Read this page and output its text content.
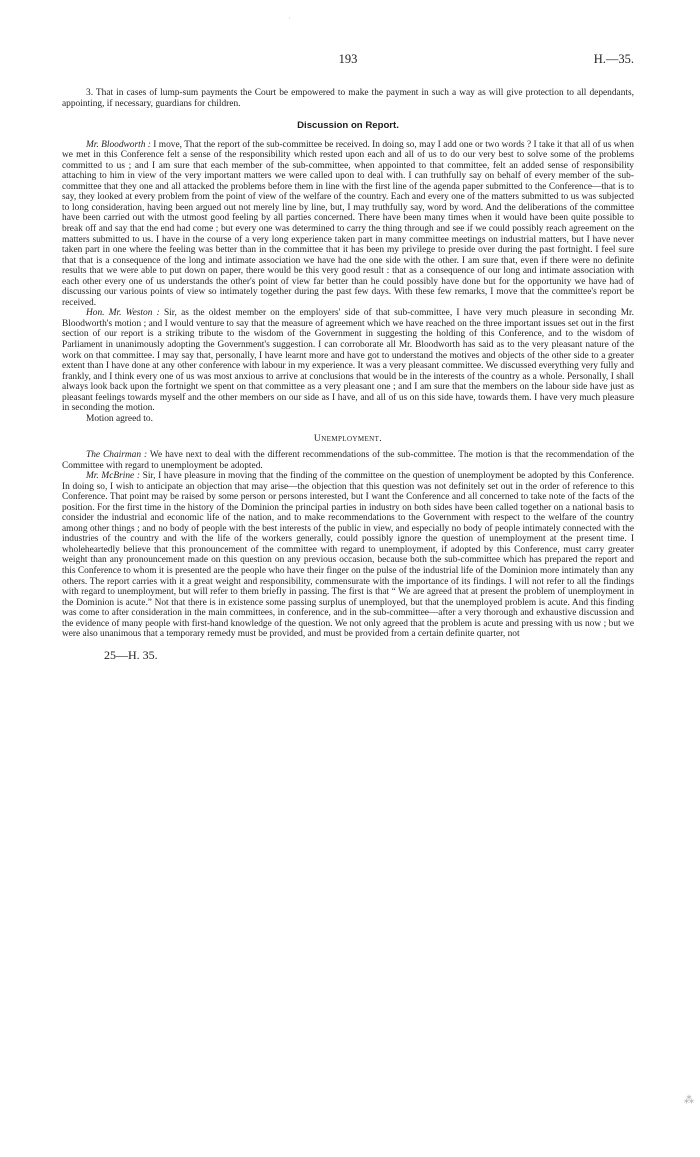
·
193	H.—35.

3. That in cases of lump-sum payments the Court be empowered to make the payment in such a way as will give protection to all dependants, appointing, if necessary, guardians for children.

Discussion on Report.

Mr. Bloodworth : I move, That the report of the sub-committee be received. In doing so, may I add one or two words ? I take it that all of us when we met in this Conference felt a sense of the responsibility which rested upon each and all of us to do our very best to solve some of the problems committed to us ; and I am sure that each member of the sub-committee, when appointed to that committee, felt an added sense of responsibility attaching to him in view of the very important matters we were called upon to deal with. I can truthfully say on behalf of every member of the sub-committee that they one and all attacked the problems before them in line with the first line of the agenda paper submitted to the Conference—that is to say, they looked at every problem from the point of view of the welfare of the country. Each and every one of the matters submitted to us was subjected to long consideration, having been argued out not merely line by line, but, I may truthfully say, word by word. And the deliberations of the committee have been carried out with the utmost good feeling by all parties concerned. There have been many times when it would have been quite possible to break off and say that the end had come ; but every one was determined to carry the thing through and see if we could possibly reach agreement on the matters submitted to us. I have in the course of a very long experience taken part in many committee meetings on industrial matters, but I have never taken part in one where the feeling was better than in the committee that it has been my privilege to preside over during the past fortnight. I feel sure that that is a consequence of the long and intimate association we have had the one side with the other. I am sure that, even if there were no definite results that we were able to put down on paper, there would be this very good result : that as a consequence of our long and intimate association with each other every one of us understands the other's point of view far better than he could possibly have done but for the opportunity we have had of discussing our various points of view so intimately together during the past few days. With these few remarks, I move that the committee's report be received.

Hon. Mr. Weston : Sir, as the oldest member on the employers' side of that sub-committee, I have very much pleasure in seconding Mr. Bloodworth's motion ; and I would venture to say that the measure of agreement which we have reached on the three important issues set out in the first section of our report is a striking tribute to the wisdom of the Government in suggesting the holding of this Conference, and to the wisdom of Parliament in unanimously adopting the Government's suggestion. I can corroborate all Mr. Bloodworth has said as to the very pleasant nature of the work on that committee. I may say that, personally, I have learnt more and have got to understand the motives and objects of the other side to a greater extent than I have done at any other conference with labour in my experience. It was a very pleasant committee. We discussed everything very fully and frankly, and I think every one of us was most anxious to arrive at conclusions that would be in the interests of the country as a whole. Personally, I shall always look back upon the fortnight we spent on that committee as a very pleasant one ; and I am sure that the members on the labour side have just as pleasant feelings towards myself and the other members on our side as I have, and all of us on this side have, towards them. I have very much pleasure in seconding the motion.

Motion agreed to.

Unemployment.

The Chairman : We have next to deal with the different recommendations of the sub-committee. The motion is that the recommendation of the Committee with regard to unemployment be adopted.

Mr. McBrine : Sir, I have pleasure in moving that the finding of the committee on the question of unemployment be adopted by this Conference. In doing so, I wish to anticipate an objection that may arise—the objection that this question was not definitely set out in the order of reference to this Conference. That point may be raised by some person or persons interested, but I want the Conference and all concerned to take note of the facts of the position. For the first time in the history of the Dominion the principal parties in industry on both sides have been called together on a national basis to consider the industrial and economic life of the nation, and to make recommendations to the Government with respect to the welfare of the country among other things ; and no body of people with the best interests of the public in view, and especially no body of people intimately connected with the industries of the country and with the life of the workers generally, could possibly ignore the question of unemployment at the present time. I wholeheartedly believe that this pronouncement of the committee with regard to unemployment, if adopted by this Conference, must carry greater weight than any pronouncement made on this question on any previous occasion, because both the sub-committee which has prepared the report and this Conference to whom it is presented are the people who have their finger on the pulse of the industrial life of the Dominion more intimately than any others. The report carries with it a great weight and responsibility, commensurate with the importance of its findings. I will not refer to all the findings with regard to unemployment, but will refer to them briefly in passing. The first is that “ We are agreed that at present the problem of unemployment in the Dominion is acute.” Not that there is in existence some passing surplus of unemployed, but that the unemployed problem is acute. And this finding was come to after consideration in the main committees, in conference, and in the sub-committee—after a very thorough and exhaustive discussion and the evidence of many people with first-hand knowledge of the question. We not only agreed that the problem is acute and pressing with us now ; but we were also unanimous that a temporary remedy must be provided, and must be provided from a certain definite quarter, not

25—H. 35.
⁂
